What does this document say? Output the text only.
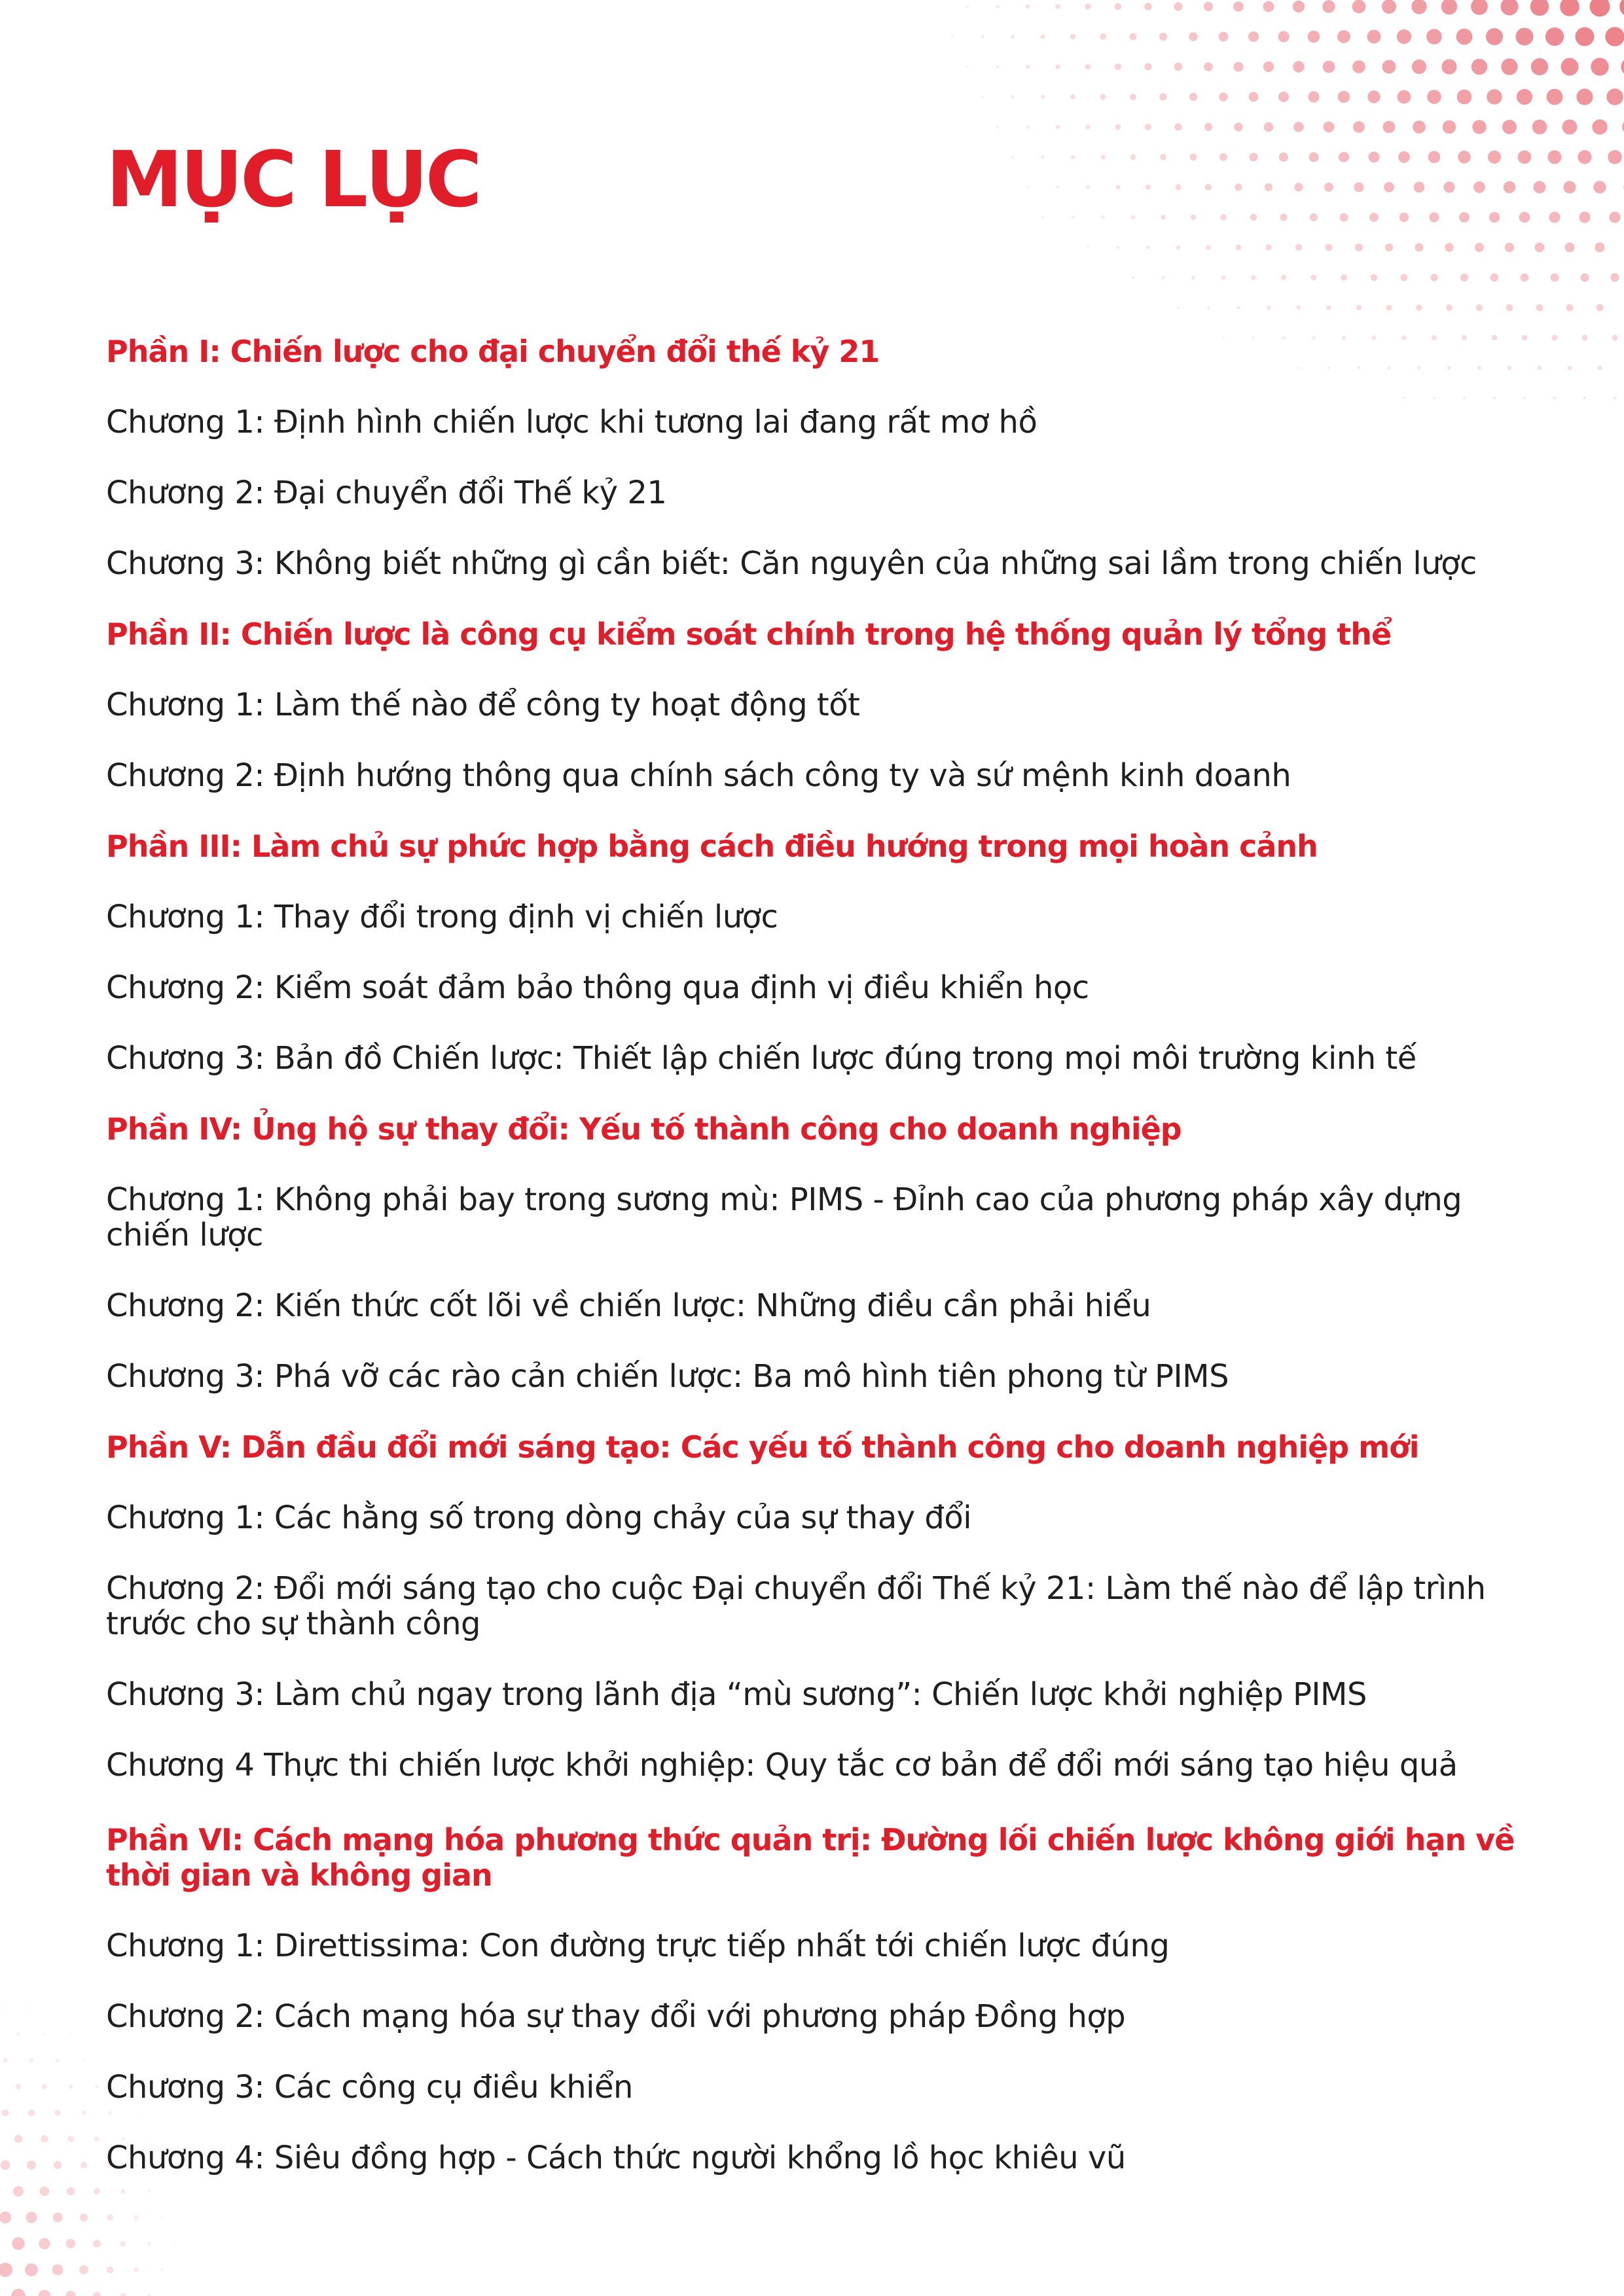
MỤC LỤC
Phần I: Chiến lược cho đại chuyển đổi thế kỷ 21
Chương 1: Định hình chiến lược khi tương lai đang rất mơ hồ
Chương 2: Đại chuyển đổi Thế kỷ 21
Chương 3: Không biết những gì cần biết: Căn nguyên của những sai lầm trong chiến lược
Phần II: Chiến lược là công cụ kiểm soát chính trong hệ thống quản lý tổng thể
Chương 1: Làm thế nào để công ty hoạt động tốt
Chương 2: Định hướng thông qua chính sách công ty và sứ mệnh kinh doanh
Phần III: Làm chủ sự phức hợp bằng cách điều hướng trong mọi hoàn cảnh
Chương 1: Thay đổi trong định vị chiến lược
Chương 2: Kiểm soát đảm bảo thông qua định vị điều khiển học
Chương 3: Bản đồ Chiến lược: Thiết lập chiến lược đúng trong mọi môi trường kinh tế
Phần IV: Ủng hộ sự thay đổi: Yếu tố thành công cho doanh nghiệp
Chương 1: Không phải bay trong sương mù: PIMS - Đỉnh cao của phương pháp xây dựng
chiến lược
Chương 2: Kiến thức cốt lõi về chiến lược: Những điều cần phải hiểu
Chương 3: Phá vỡ các rào cản chiến lược: Ba mô hình tiên phong từ PIMS
Phần V: Dẫn đầu đổi mới sáng tạo: Các yếu tố thành công cho doanh nghiệp mới
Chương 1: Các hằng số trong dòng chảy của sự thay đổi
Chương 2: Đổi mới sáng tạo cho cuộc Đại chuyển đổi Thế kỷ 21: Làm thế nào để lập trình
trước cho sự thành công
Chương 3: Làm chủ ngay trong lãnh địa “mù sương”: Chiến lược khởi nghiệp PIMS
Chương 4 Thực thi chiến lược khởi nghiệp: Quy tắc cơ bản để đổi mới sáng tạo hiệu quả
Phần VI: Cách mạng hóa phương thức quản trị: Đường lối chiến lược không giới hạn về
thời gian và không gian
Chương 1: Direttissima: Con đường trực tiếp nhất tới chiến lược đúng
Chương 2: Cách mạng hóa sự thay đổi với phương pháp Đồng hợp
Chương 3: Các công cụ điều khiển
Chương 4: Siêu đồng hợp - Cách thức người khổng lồ học khiêu vũ
